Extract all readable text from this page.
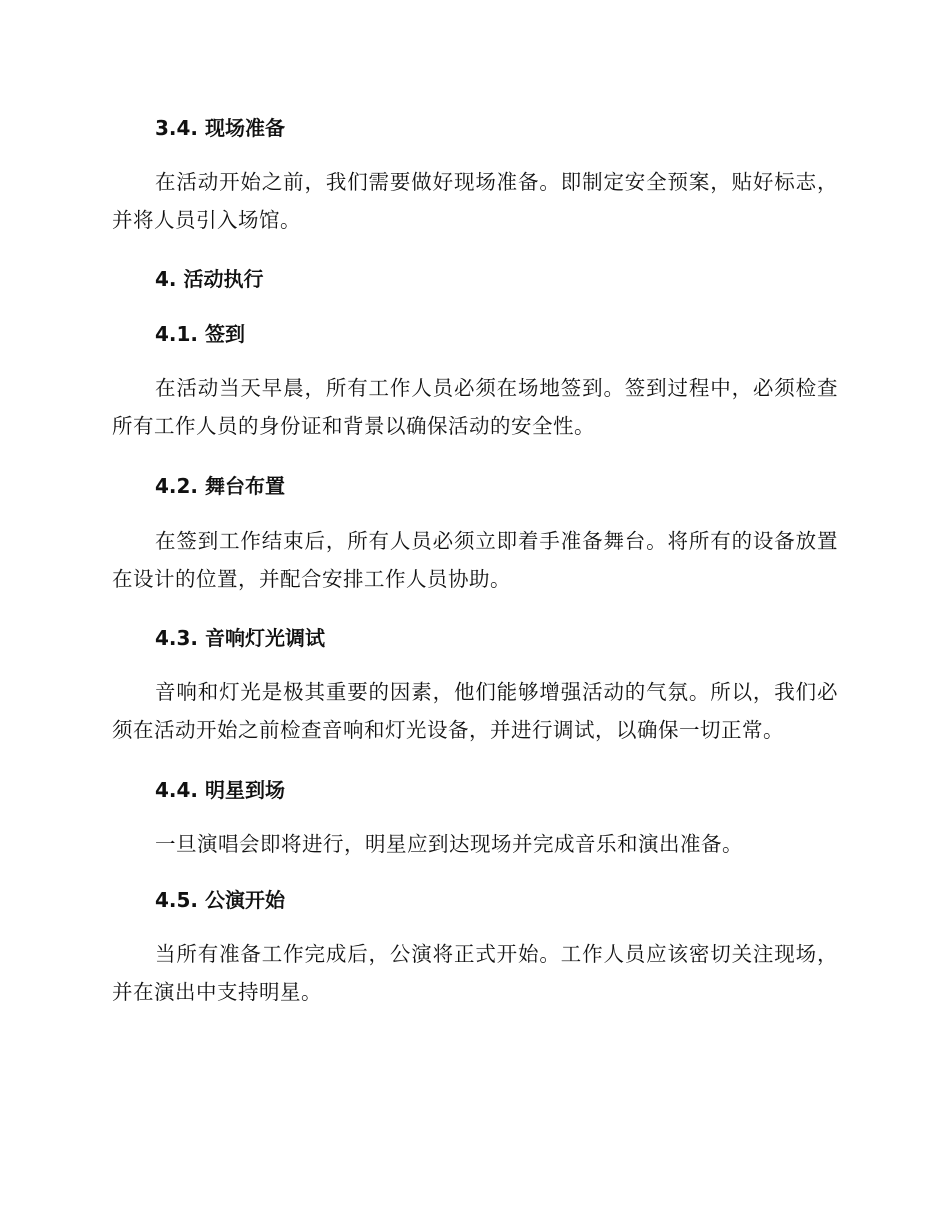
3.4. 现场准备
在活动开始之前，我们需要做好现场准备。即制定安全预案，贴好标志，并将人员引入场馆。
4. 活动执行
4.1. 签到
在活动当天早晨，所有工作人员必须在场地签到。签到过程中，必须检查所有工作人员的身份证和背景以确保活动的安全性。
4.2. 舞台布置
在签到工作结束后，所有人员必须立即着手准备舞台。将所有的设备放置在设计的位置，并配合安排工作人员协助。
4.3. 音响灯光调试
音响和灯光是极其重要的因素，他们能够增强活动的气氛。所以，我们必须在活动开始之前检查音响和灯光设备，并进行调试，以确保一切正常。
4.4. 明星到场
一旦演唱会即将进行，明星应到达现场并完成音乐和演出准备。
4.5. 公演开始
当所有准备工作完成后，公演将正式开始。工作人员应该密切关注现场，并在演出中支持明星。
